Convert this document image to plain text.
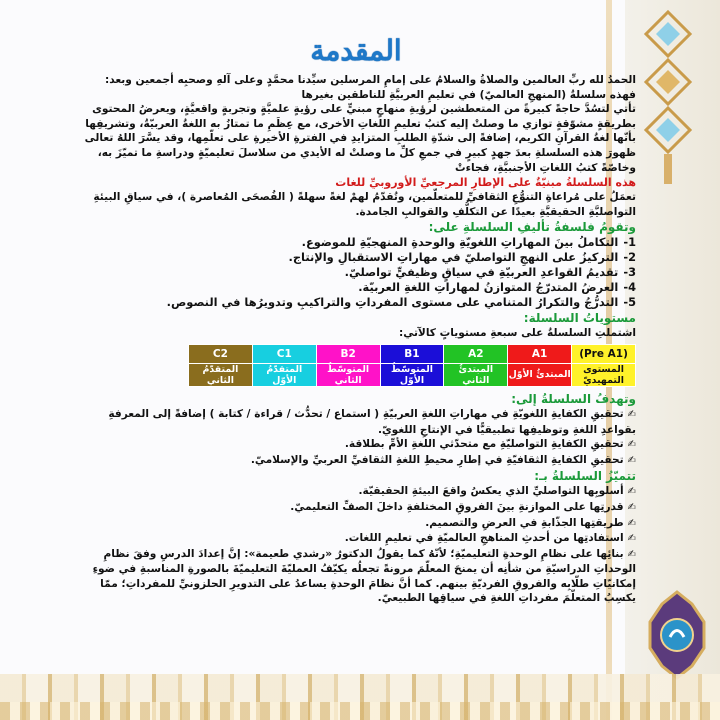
المقدمة

الحمدُ لله ربِّ العالمين والصلاةُ والسلامُ على إمامِ المرسلين سيِّدنا محمَّدٍ وعلى آلهِ وصحبِه أجمعين وبعد:

فهذه سلسلةُ (المنهجِ العالميّ) في تعليمِ العربيَّةِ للناطقين بغيرها

تأتي لتسُدَّ حاجةً كبيرةً من المتعطشين لرؤيةِ منهاجٍ مبنيٍّ على رؤيةٍ علميَّةٍ وتجربةٍ واقعيَّةٍ، ويعرضُ المحتوى بطريقةٍ مشوّقةٍ توازي ما وصلتْ إليه كتبُ تعليمِ اللغاتِ الأخرى، مع عِظَمِ ما تمتازُ به اللغةُ العربيّةُ، وتشريفِها بأنّها لغةُ القرآنِ الكريم، إضافةً إلى شدّةِ الطلبِ المتزايدِ في الفترةِ الأخيرةِ على تعلّمِها، وقد يسَّرَ اللهُ تعالى ظهورَ هذه السلسلةِ بعدَ جهدٍ كبيرٍ في جمعِ كلِّ ما وصلتْ له الأيدي من سلاسلَ تعليميّةٍ ودراسةِ ما تميّزَ به، وخاصّةً كتبُ اللغاتِ الأجنبيَّةِ، فجاءتْ

هذه السلسلةُ مبنيّةٌ على الإطارِ المرجعيِّ الأوروبيِّ للغات

تعمَلُ على مُراعاةِ التنوُّعِ الثقافيِّ للمتعلّمين، وتُقدّمُ لهمْ لغةً سهلةً ( الفُصحَى المُعاصرة )، في سياقِ البيئةِ التواصليَّةِ الحقيقيَّةِ بعيدًا عن التكلُّفِ والقوالبِ الجامدة.

وتقومُ فلسفةُ تأليفِ السلسلةِ على:

1-التكاملُ بينَ المهاراتِ اللغويّةِ والوحدةِ المنهجيّةِ للموضوع.
2-التركيزُ على النهجِ التواصليّ في مهاراتِ الاستقبالِ والإنتاج.
3-تقديمُ القواعدِ العربيّةِ في سياقٍ وظيفيٍّ تواصليّ.
4-العرضُ المتدرّجُ المتوازنُ لمهاراتِ اللغةِ العربيّة.
5-التدرُّجُ والتكرارُ المتنامي على مستوى المفرداتِ والتراكيبِ وتدويرُها في النصوص.

مستوياتُ السلسلة:

اشتملتِ السلسلةُ على سبعةِ مستوياتٍ كالآتي:

C2	C1	B2	B1	A2	A1	(Pre A1)
المتقدّمُ الثاني	المتقدّمُ الأوّل	المتوسّطُ الثاني	المتوسّطُ الأوّل	المبتدئُ الثاني	المبتدئُ الأوّل	المستوى التمهيديّ

وتهدفُ السلسلةُ إلى:

✍تحقيقِ الكفايةِ اللغويّةِ في مهاراتِ اللغةِ العربيّةِ ( استماع / تحدُّث / قراءة / كتابة ) إضافةً إلى المعرفةِ بقواعدِ اللغةِ وتوظيفِها تطبيقيًّا في الإنتاجِ اللغويّ.

✍تحقيقِ الكفايةِ التواصليّةِ مع متحدّثي اللغةِ الأمِّ بطلاقة.

✍تحقيقِ الكفايةِ الثقافيّةِ في إطارِ محيطِ اللغةِ الثقافيِّ العربيِّ والإسلاميّ.

تتميّزُ السلسلةُ بـ:

✍أسلوبِها التواصليِّ الذي يعكسُ واقعَ البيئةِ الحقيقيّة.

✍قدرتِها على الموازنةِ بينَ الفروقِ المختلفةِ داخلَ الصفِّ التعليميّ.

✍طريقتِها الجذّابةِ في العرضِ والتصميم.

✍استفادتِها من أحدثِ المناهجِ العالميّةِ في تعليمِ اللغات.

✍بنائِها على نظامِ الوحدةِ التعليميّةِ؛ لأنّهُ كما يقولُ الدكتورُ «رشدي طعيمة»: إنَّ إعدادَ الدرسِ وفقَ نظامِ الوحداتِ الدراسيّةِ من شأنِه أن يمنحَ المعلّمَ مرونةً تجعلُه يكيّفُ العمليّةَ التعليميّةَ بالصورةِ المناسبةِ في ضوءِ إمكانيّاتِ طلّابِه والفروقِ الفرديّةِ بينهم. كما أنَّ نظامَ الوحدةِ يساعدُ على التدويرِ الحلزونيِّ للمفرداتِ؛ ممّا يكسِبُ المتعلّمَ مفرداتِ اللغةِ في سياقِها الطبيعيّ.
